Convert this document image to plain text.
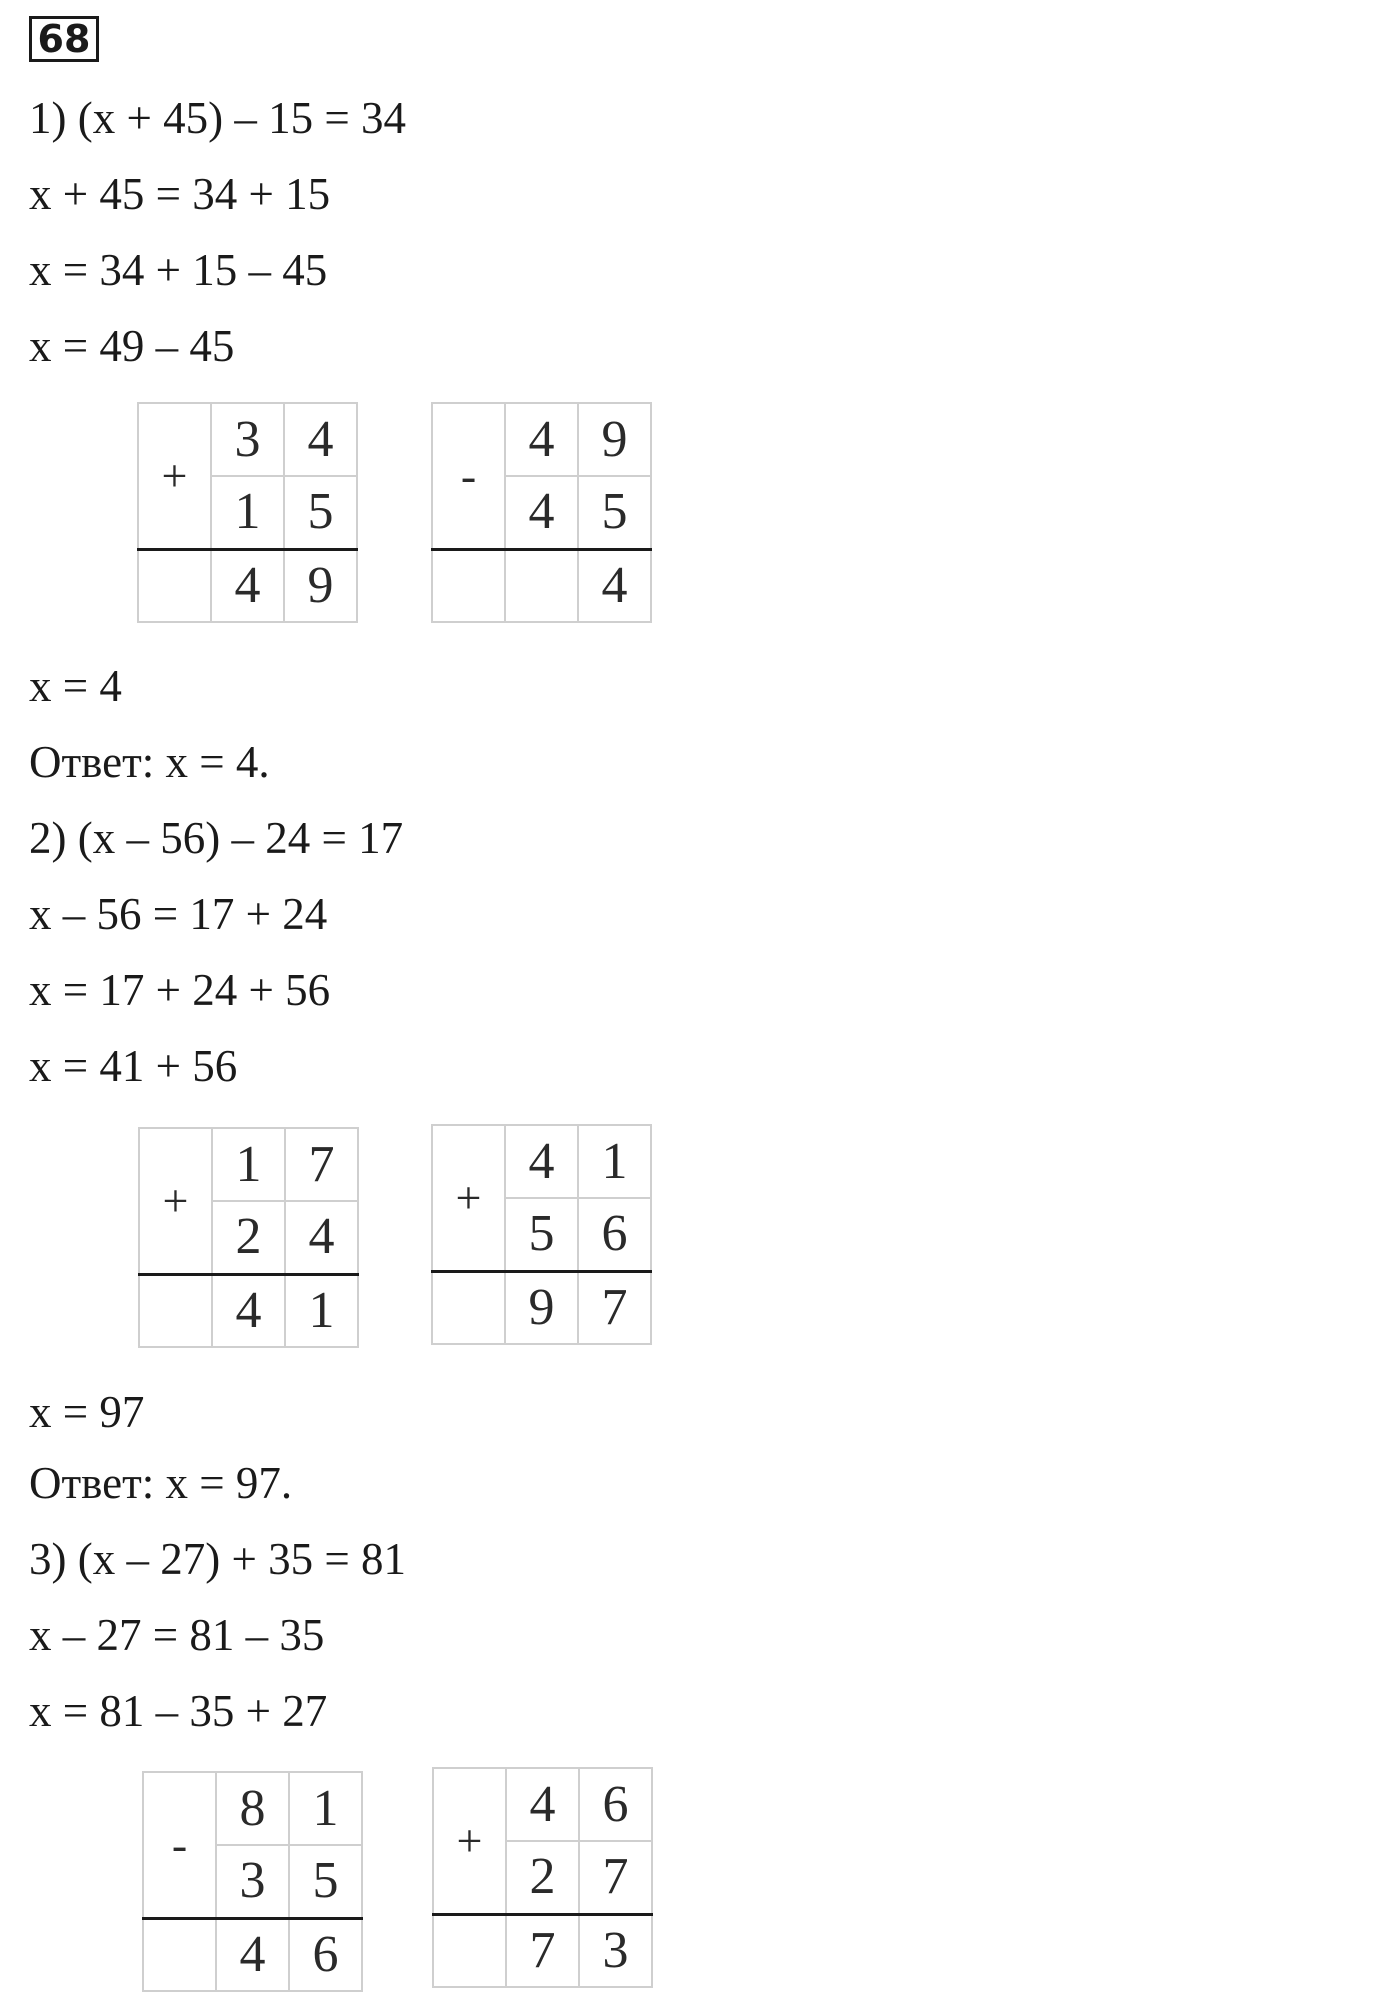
68
1) (x + 45) – 15 = 34
x + 45 = 34 + 15
x = 34 + 15 – 45
x = 49 – 45
+	3	4
	1	5
	4	9
-	4	9
	4	5
		4
x = 4
Ответ: x = 4.
2) (x – 56) – 24 = 17
x – 56 = 17 + 24
x = 17 + 24 + 56
x = 41 + 56
+	1	7
	2	4
	4	1
+	4	1
	5	6
	9	7
x = 97
Ответ: x = 97.
3) (x – 27) + 35 = 81
x – 27 = 81 – 35
x = 81 – 35 + 27
-	8	1
	3	5
	4	6
+	4	6
	2	7
	7	3
